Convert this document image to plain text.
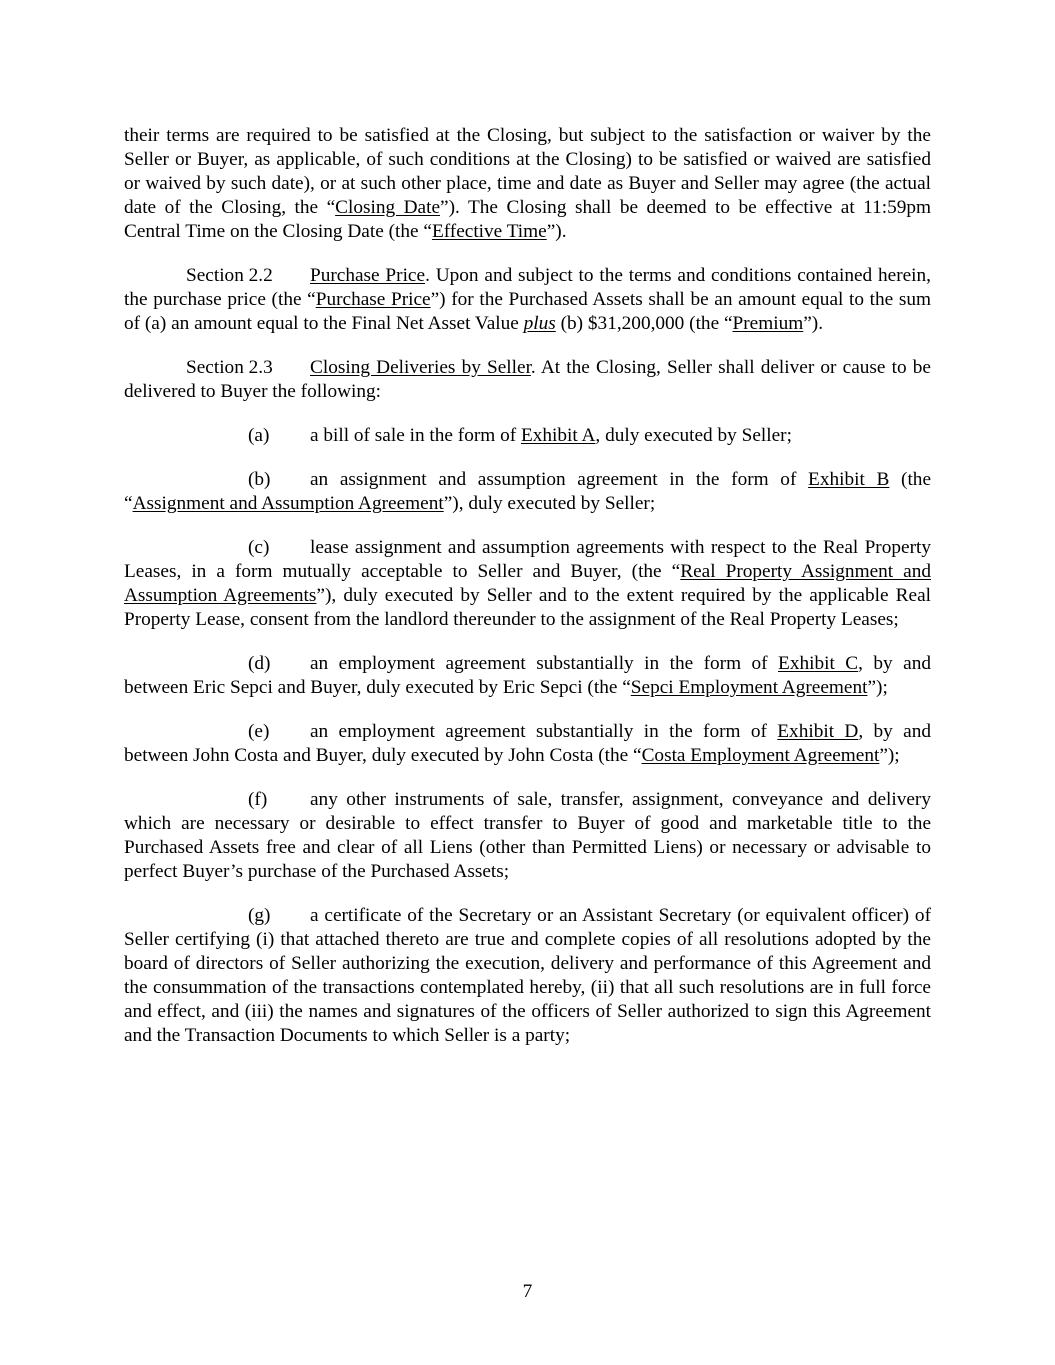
their terms are required to be satisfied at the Closing, but subject to the satisfaction or waiver by the Seller or Buyer, as applicable, of such conditions at the Closing) to be satisfied or waived are satisfied or waived by such date), or at such other place, time and date as Buyer and Seller may agree (the actual date of the Closing, the “Closing Date”). The Closing shall be deemed to be effective at 11:59pm Central Time on the Closing Date (the “Effective Time”).

Section 2.2 Purchase Price. Upon and subject to the terms and conditions contained herein, the purchase price (the “Purchase Price”) for the Purchased Assets shall be an amount equal to the sum of (a) an amount equal to the Final Net Asset Value plus (b) $31,200,000 (the “Premium”).

Section 2.3 Closing Deliveries by Seller. At the Closing, Seller shall deliver or cause to be delivered to Buyer the following:

(a) a bill of sale in the form of Exhibit A, duly executed by Seller;

(b) an assignment and assumption agreement in the form of Exhibit B (the “Assignment and Assumption Agreement”), duly executed by Seller;

(c) lease assignment and assumption agreements with respect to the Real Property Leases, in a form mutually acceptable to Seller and Buyer, (the “Real Property Assignment and Assumption Agreements”), duly executed by Seller and to the extent required by the applicable Real Property Lease, consent from the landlord thereunder to the assignment of the Real Property Leases;

(d) an employment agreement substantially in the form of Exhibit C, by and between Eric Sepci and Buyer, duly executed by Eric Sepci (the “Sepci Employment Agreement”);

(e) an employment agreement substantially in the form of Exhibit D, by and between John Costa and Buyer, duly executed by John Costa (the “Costa Employment Agreement”);

(f) any other instruments of sale, transfer, assignment, conveyance and delivery which are necessary or desirable to effect transfer to Buyer of good and marketable title to the Purchased Assets free and clear of all Liens (other than Permitted Liens) or necessary or advisable to perfect Buyer’s purchase of the Purchased Assets;

(g) a certificate of the Secretary or an Assistant Secretary (or equivalent officer) of Seller certifying (i) that attached thereto are true and complete copies of all resolutions adopted by the board of directors of Seller authorizing the execution, delivery and performance of this Agreement and the consummation of the transactions contemplated hereby, (ii) that all such resolutions are in full force and effect, and (iii) the names and signatures of the officers of Seller authorized to sign this Agreement and the Transaction Documents to which Seller is a party;

7
